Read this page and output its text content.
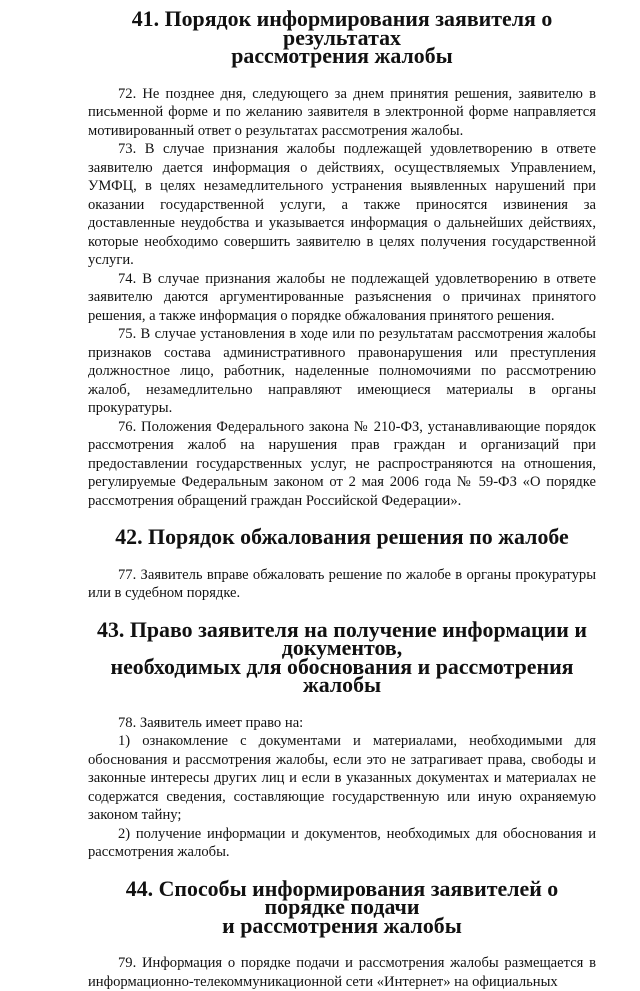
41. Порядок информирования заявителя о результатах
рассмотрения жалобы

72. Не позднее дня, следующего за днем принятия решения, заявителю в письменной форме и по желанию заявителя в электронной форме направляется мотивированный ответ о результатах рассмотрения жалобы.

73. В случае признания жалобы подлежащей удовлетворению в ответе заявителю дается информация о действиях, осуществляемых Управлением, УМФЦ, в целях незамедлительного устранения выявленных нарушений при оказании государственной услуги, а также приносятся извинения за доставленные неудобства и указывается информация о дальнейших действиях, которые необходимо совершить заявителю в целях получения государственной услуги.

74. В случае признания жалобы не подлежащей удовлетворению в ответе заявителю даются аргументированные разъяснения о причинах принятого решения, а также информация о порядке обжалования принятого решения.

75. В случае установления в ходе или по результатам рассмотрения жалобы признаков состава административного правонарушения или преступления должностное лицо, работник, наделенные полномочиями по рассмотрению жалоб, незамедлительно направляют имеющиеся материалы в органы прокуратуры.

76. Положения Федерального закона № 210-ФЗ, устанавливающие порядок рассмотрения жалоб на нарушения прав граждан и организаций при предоставлении государственных услуг, не распространяются на отношения, регулируемые Федеральным законом от 2 мая 2006 года № 59-ФЗ «О порядке рассмотрения обращений граждан Российской Федерации».

42. Порядок обжалования решения по жалобе

77. Заявитель вправе обжаловать решение по жалобе в органы прокуратуры или в судебном порядке.

43. Право заявителя на получение информации и документов,
необходимых для обоснования и рассмотрения жалобы

78. Заявитель имеет право на:

1) ознакомление с документами и материалами, необходимыми для обоснования и рассмотрения жалобы, если это не затрагивает права, свободы и законные интересы других лиц и если в указанных документах и материалах не содержатся сведения, составляющие государственную или иную охраняемую законом тайну;

2) получение информации и документов, необходимых для обоснования и рассмотрения жалобы.

44. Способы информирования заявителей о порядке подачи
и рассмотрения жалобы

79. Информация о порядке подачи и рассмотрения жалобы размещается в информационно-телекоммуникационной сети «Интернет» на официальных
